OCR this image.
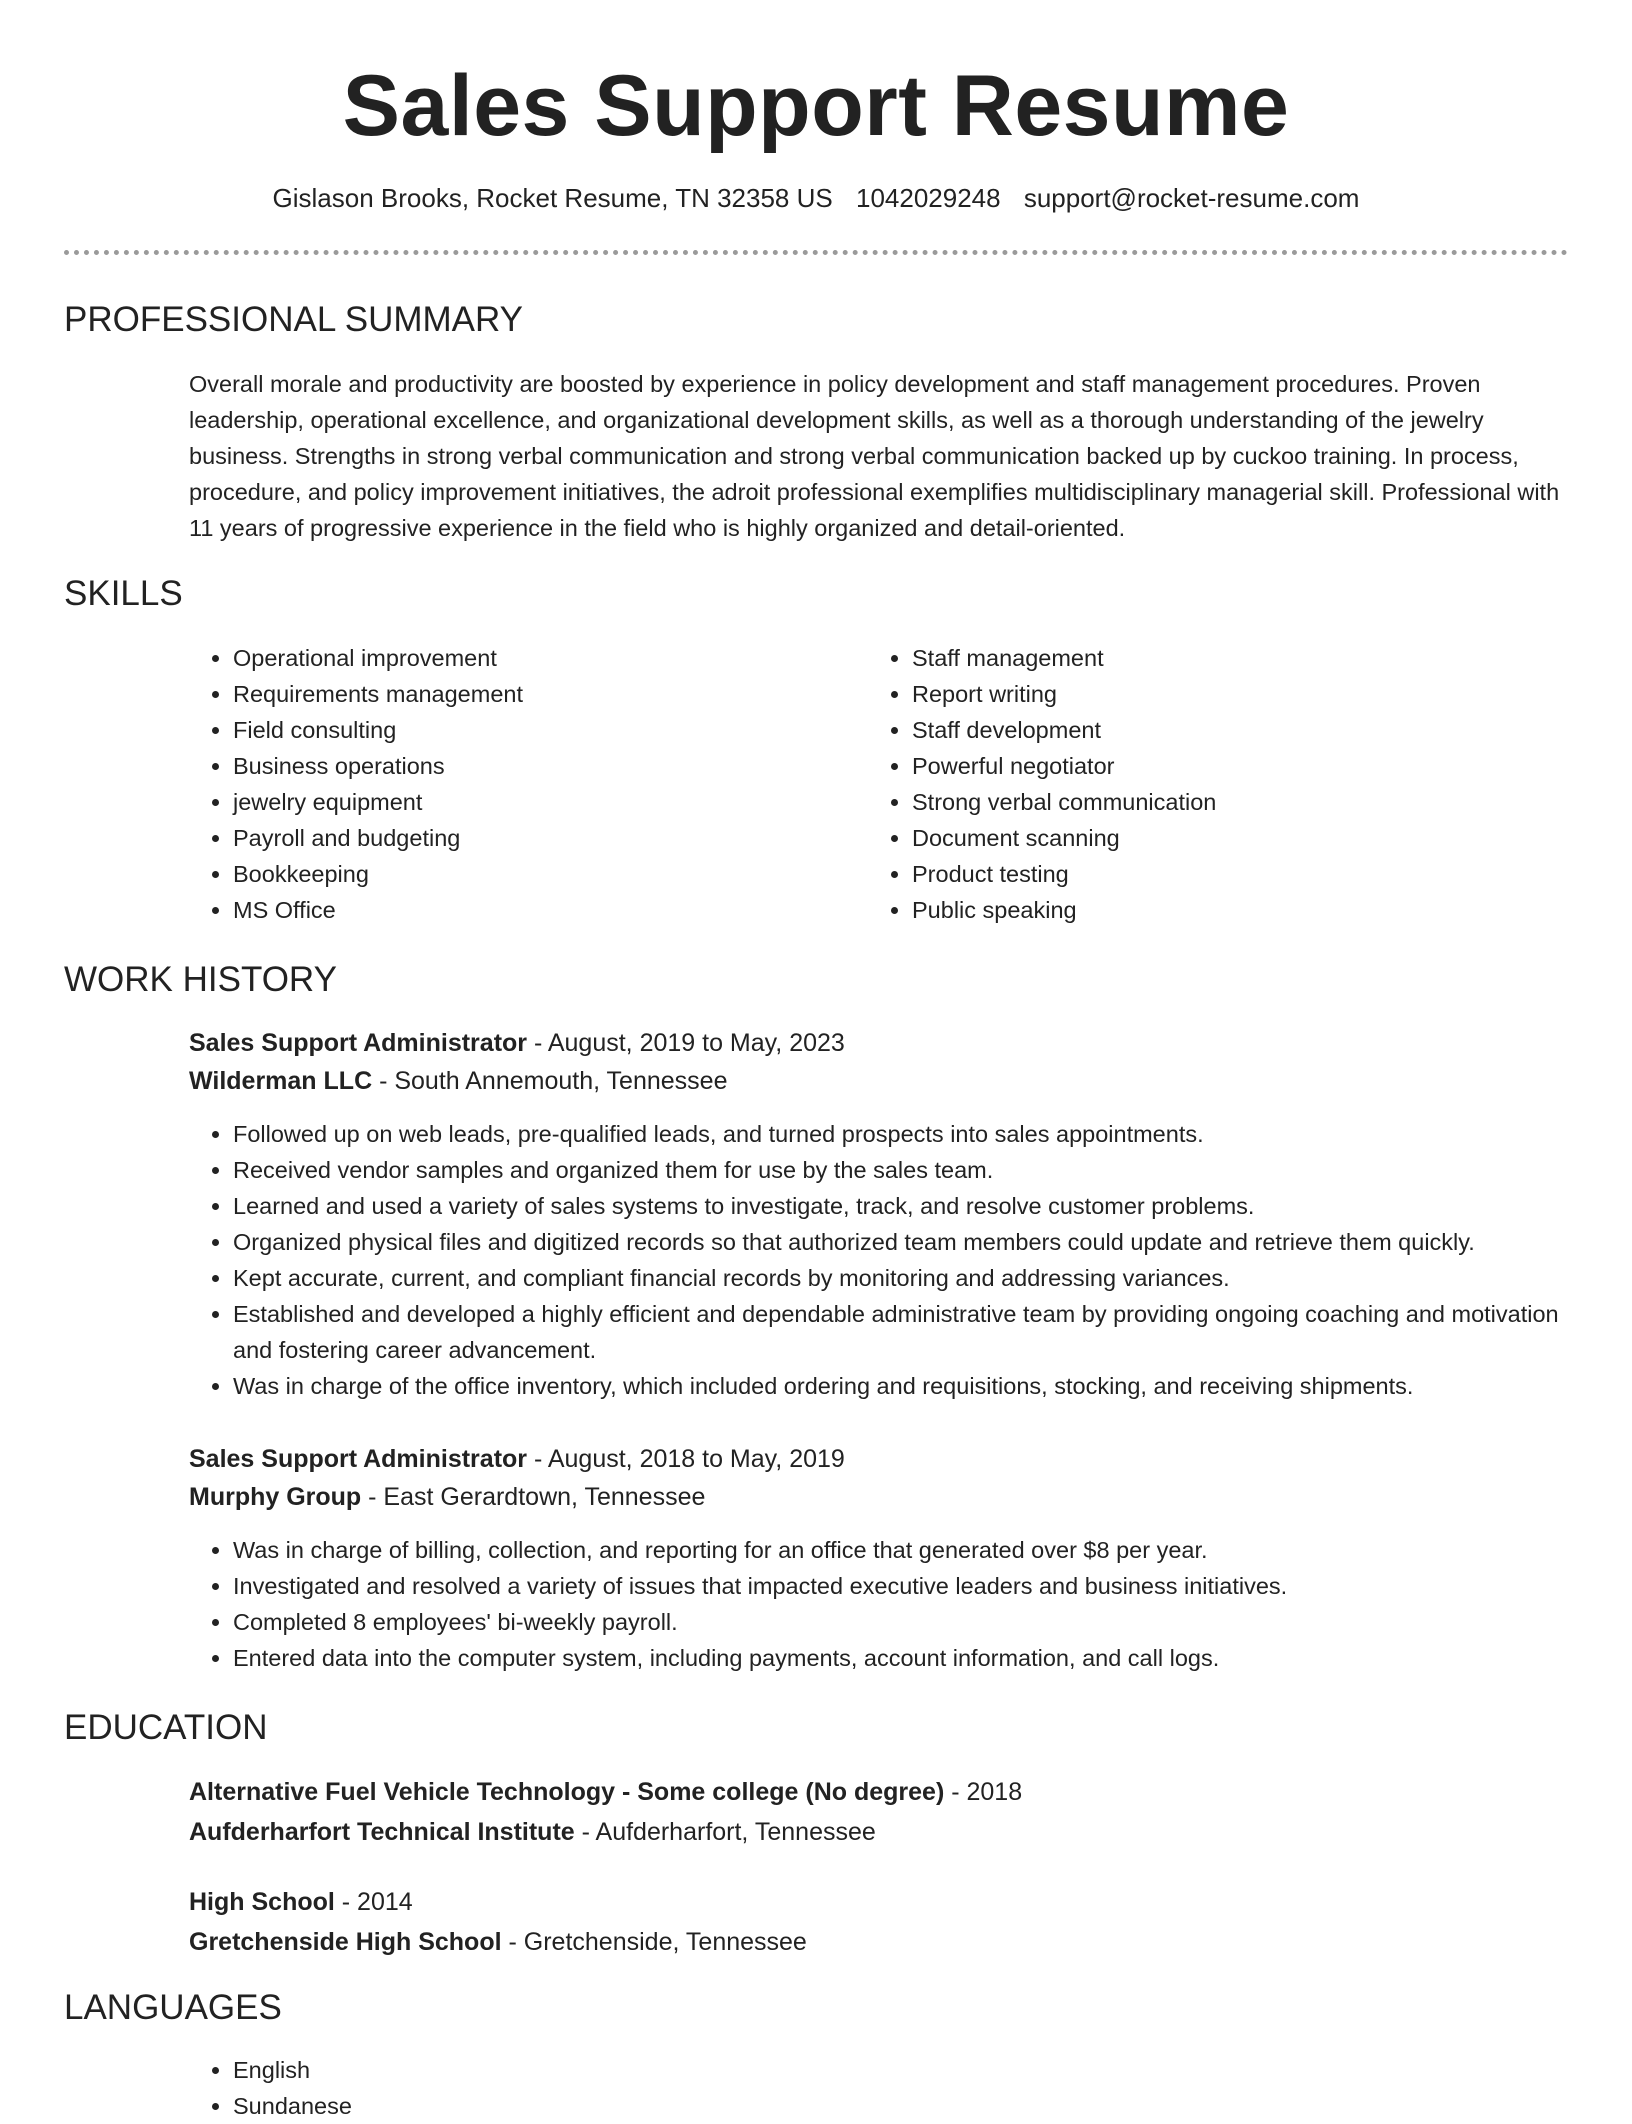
Sales Support Resume
Gislason Brooks, Rocket Resume, TN 32358 US 1042029248 support@rocket-resume.com
PROFESSIONAL SUMMARY

Overall morale and productivity are boosted by experience in policy development and staff management procedures. Proven leadership, operational excellence, and organizational development skills, as well as a thorough understanding of the jewelry business. Strengths in strong verbal communication and strong verbal communication backed up by cuckoo training. In process, procedure, and policy improvement initiatives, the adroit professional exemplifies multidisciplinary managerial skill. Professional with 11 years of progressive experience in the field who is highly organized and detail-oriented.

SKILLS
• Operational improvement
• Requirements management
• Field consulting
• Business operations
• jewelry equipment
• Payroll and budgeting
• Bookkeeping
• MS Office
• Staff management
• Report writing
• Staff development
• Powerful negotiator
• Strong verbal communication
• Document scanning
• Product testing
• Public speaking
WORK HISTORY
Sales Support Administrator - August, 2019 to May, 2023
Wilderman LLC - South Annemouth, Tennessee
• Followed up on web leads, pre-qualified leads, and turned prospects into sales appointments.
• Received vendor samples and organized them for use by the sales team.
• Learned and used a variety of sales systems to investigate, track, and resolve customer problems.
• Organized physical files and digitized records so that authorized team members could update and retrieve them quickly.
• Kept accurate, current, and compliant financial records by monitoring and addressing variances.
• Established and developed a highly efficient and dependable administrative team by providing ongoing coaching and motivation and fostering career advancement.
• Was in charge of the office inventory, which included ordering and requisitions, stocking, and receiving shipments.
Sales Support Administrator - August, 2018 to May, 2019
Murphy Group - East Gerardtown, Tennessee
• Was in charge of billing, collection, and reporting for an office that generated over $8 per year.
• Investigated and resolved a variety of issues that impacted executive leaders and business initiatives.
• Completed 8 employees' bi-weekly payroll.
• Entered data into the computer system, including payments, account information, and call logs.
EDUCATION
Alternative Fuel Vehicle Technology - Some college (No degree) - 2018
Aufderharfort Technical Institute - Aufderharfort, Tennessee
High School - 2014
Gretchenside High School - Gretchenside, Tennessee
LANGUAGES
• English
• Sundanese
